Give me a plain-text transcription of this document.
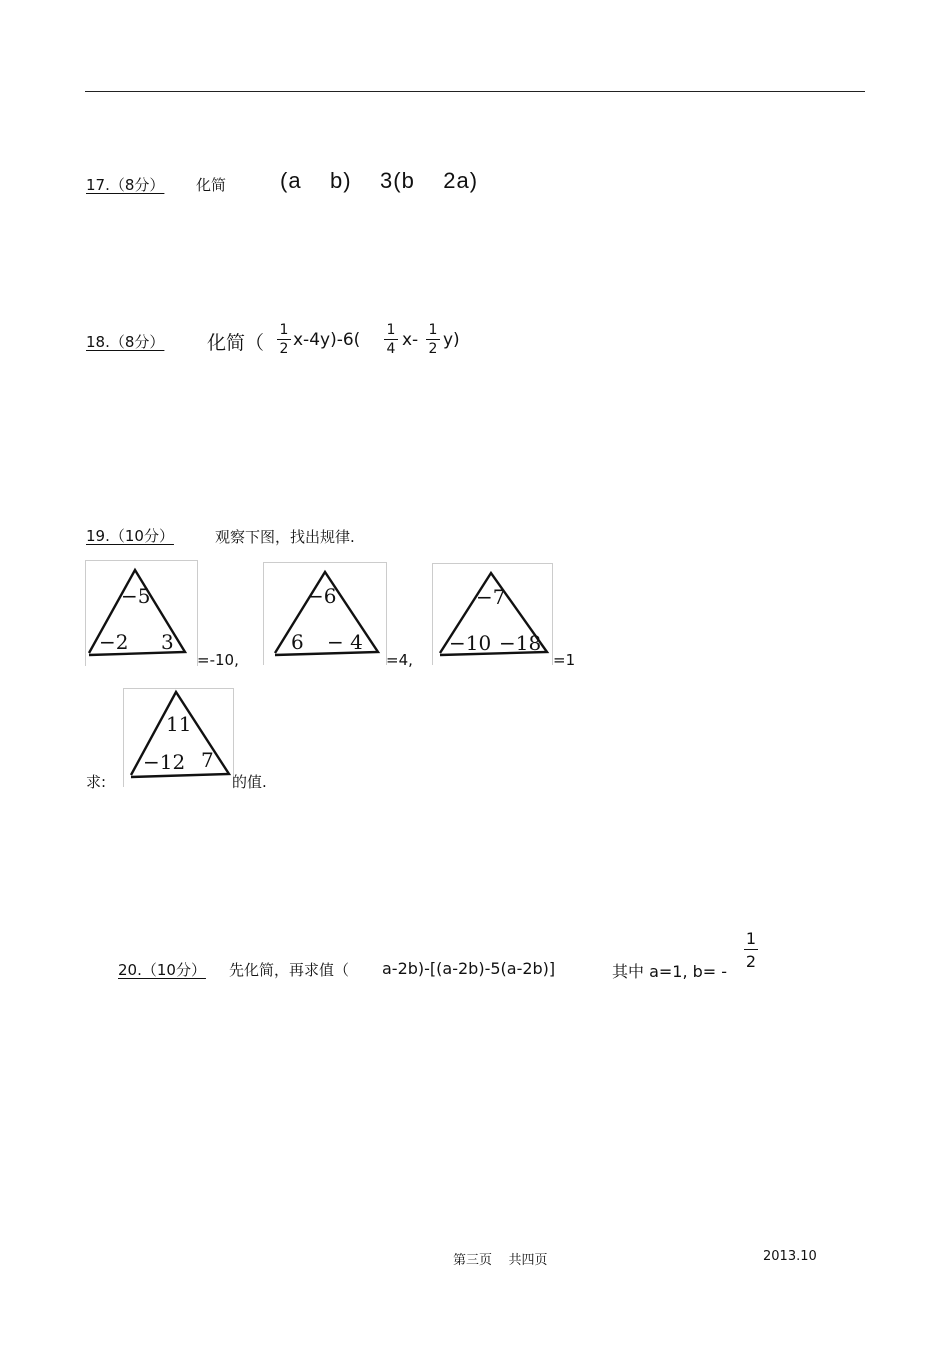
17.（8分） 化简 (a    b)    3(b    2a)
18.（8分） 化简（
1
2 x-4y)-6( 1
4 x- 1
2 y)
19.（10分）	观察下图，找出规律.
−5
−2 3
=-10,
−6
6 − 4
=4,
−7
−10 −18
=1
求:
11
−12 7
的值.
20.（10分） 先化简，再求值（ a-2b)-[(a-2b)-5(a-2b)]	其中 a=1, b= -
1
2
第三页    共四页	2013.10
